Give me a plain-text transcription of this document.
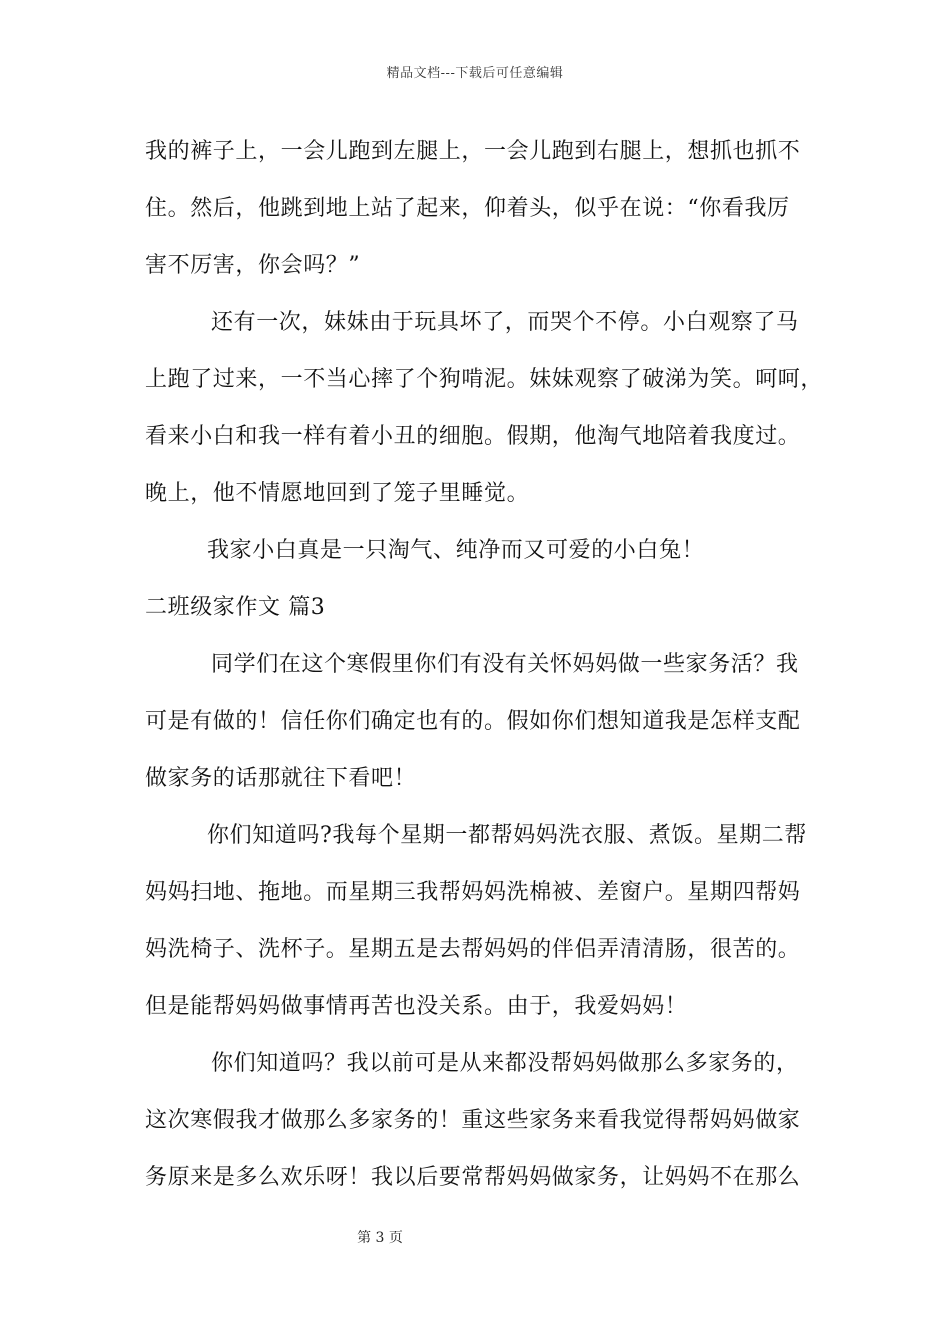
精品文档---下载后可任意编辑
我的裤子上，一会儿跑到左腿上，一会儿跑到右腿上，想抓也抓不
住。然后，他跳到地上站了起来，仰着头，似乎在说：“你看我厉
害不厉害，你会吗？”
还有一次，妹妹由于玩具坏了，而哭个不停。小白观察了马
上跑了过来，一不当心摔了个狗啃泥。妹妹观察了破涕为笑。呵呵，
看来小白和我一样有着小丑的细胞。假期，他淘气地陪着我度过。
晚上，他不情愿地回到了笼子里睡觉。
我家小白真是一只淘气、纯净而又可爱的小白兔！
二班级家作文 篇3
同学们在这个寒假里你们有没有关怀妈妈做一些家务活？我
可是有做的！信任你们确定也有的。假如你们想知道我是怎样支配
做家务的话那就往下看吧！
你们知道吗?我每个星期一都帮妈妈洗衣服、煮饭。星期二帮
妈妈扫地、拖地。而星期三我帮妈妈洗棉被、差窗户。星期四帮妈
妈洗椅子、洗杯子。星期五是去帮妈妈的伴侣弄清清肠，很苦的。
但是能帮妈妈做事情再苦也没关系。由于，我爱妈妈！
你们知道吗？我以前可是从来都没帮妈妈做那么多家务的，
这次寒假我才做那么多家务的！重这些家务来看我觉得帮妈妈做家
务原来是多么欢乐呀！我以后要常帮妈妈做家务，让妈妈不在那么
第 3 页
